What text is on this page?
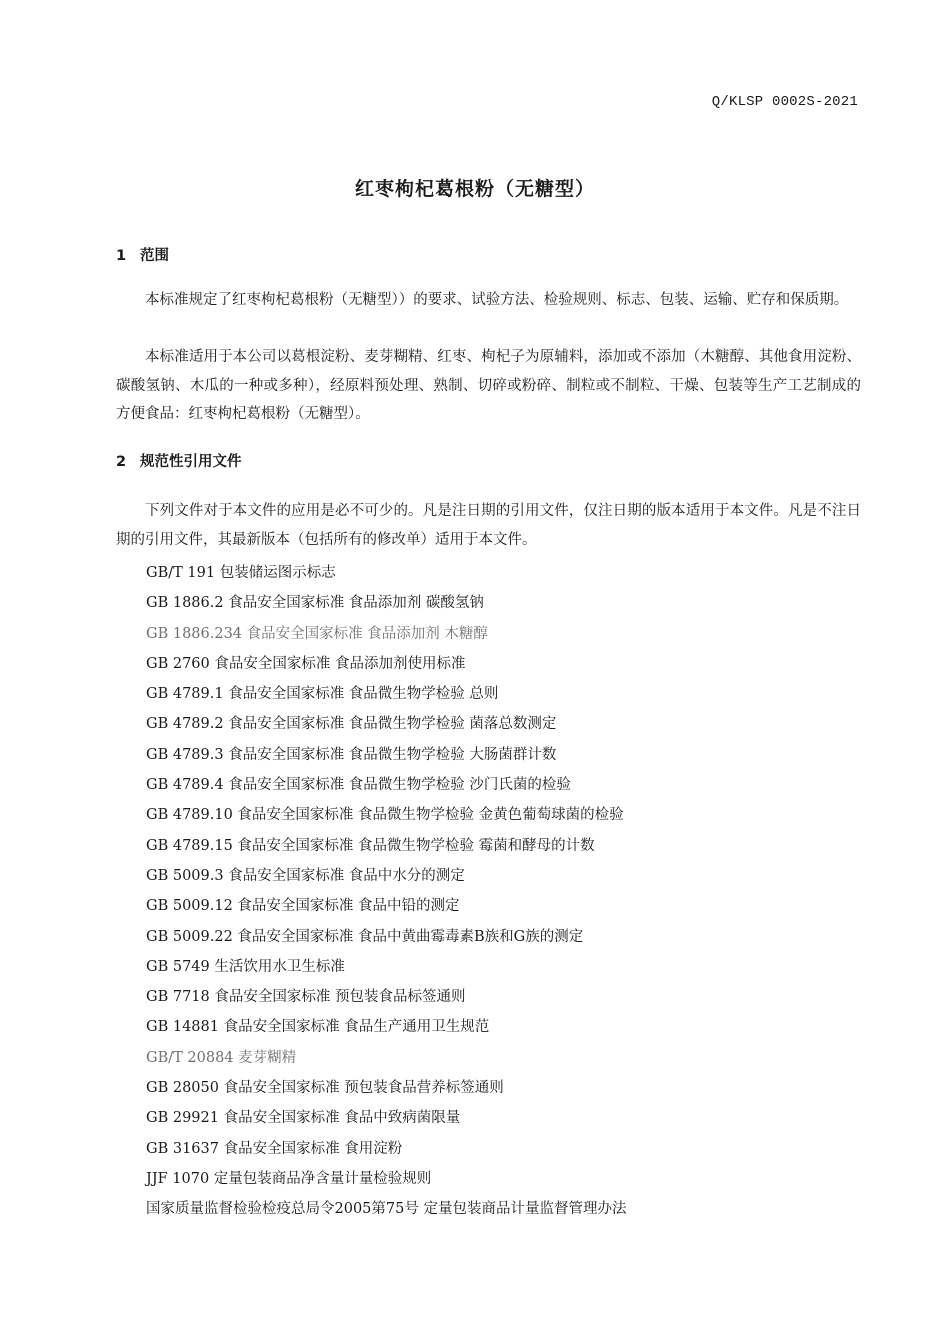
Q/KLSP 0002S-2021
红枣枸杞葛根粉（无糖型）
1 范围
本标准规定了红枣枸杞葛根粉（无糖型））的要求、试验方法、检验规则、标志、包装、运输、贮存和保质期。
本标准适用于本公司以葛根淀粉、麦芽糊精、红枣、枸杞子为原辅料，添加或不添加（木糖醇、其他食用淀粉、碳酸氢钠、木瓜的一种或多种），经原料预处理、熟制、切碎或粉碎、制粒或不制粒、干燥、包装等生产工艺制成的方便食品：红枣枸杞葛根粉（无糖型）。
2 规范性引用文件
下列文件对于本文件的应用是必不可少的。凡是注日期的引用文件，仅注日期的版本适用于本文件。凡是不注日期的引用文件，其最新版本（包括所有的修改单）适用于本文件。
GB/T 191 包装储运图示标志
GB 1886.2 食品安全国家标准 食品添加剂 碳酸氢钠
GB 1886.234 食品安全国家标准 食品添加剂 木糖醇
GB 2760 食品安全国家标准 食品添加剂使用标准
GB 4789.1 食品安全国家标准 食品微生物学检验 总则
GB 4789.2 食品安全国家标准 食品微生物学检验 菌落总数测定
GB 4789.3 食品安全国家标准 食品微生物学检验 大肠菌群计数
GB 4789.4 食品安全国家标准 食品微生物学检验 沙门氏菌的检验
GB 4789.10 食品安全国家标准 食品微生物学检验 金黄色葡萄球菌的检验
GB 4789.15 食品安全国家标准 食品微生物学检验 霉菌和酵母的计数
GB 5009.3 食品安全国家标准 食品中水分的测定
GB 5009.12 食品安全国家标准 食品中铅的测定
GB 5009.22 食品安全国家标准 食品中黄曲霉毒素B族和G族的测定
GB 5749 生活饮用水卫生标准
GB 7718 食品安全国家标准 预包装食品标签通则
GB 14881 食品安全国家标准 食品生产通用卫生规范
GB/T 20884 麦芽糊精
GB 28050 食品安全国家标准 预包装食品营养标签通则
GB 29921 食品安全国家标准 食品中致病菌限量
GB 31637 食品安全国家标准 食用淀粉
JJF 1070 定量包装商品净含量计量检验规则
国家质量监督检验检疫总局令2005第75号 定量包装商品计量监督管理办法
